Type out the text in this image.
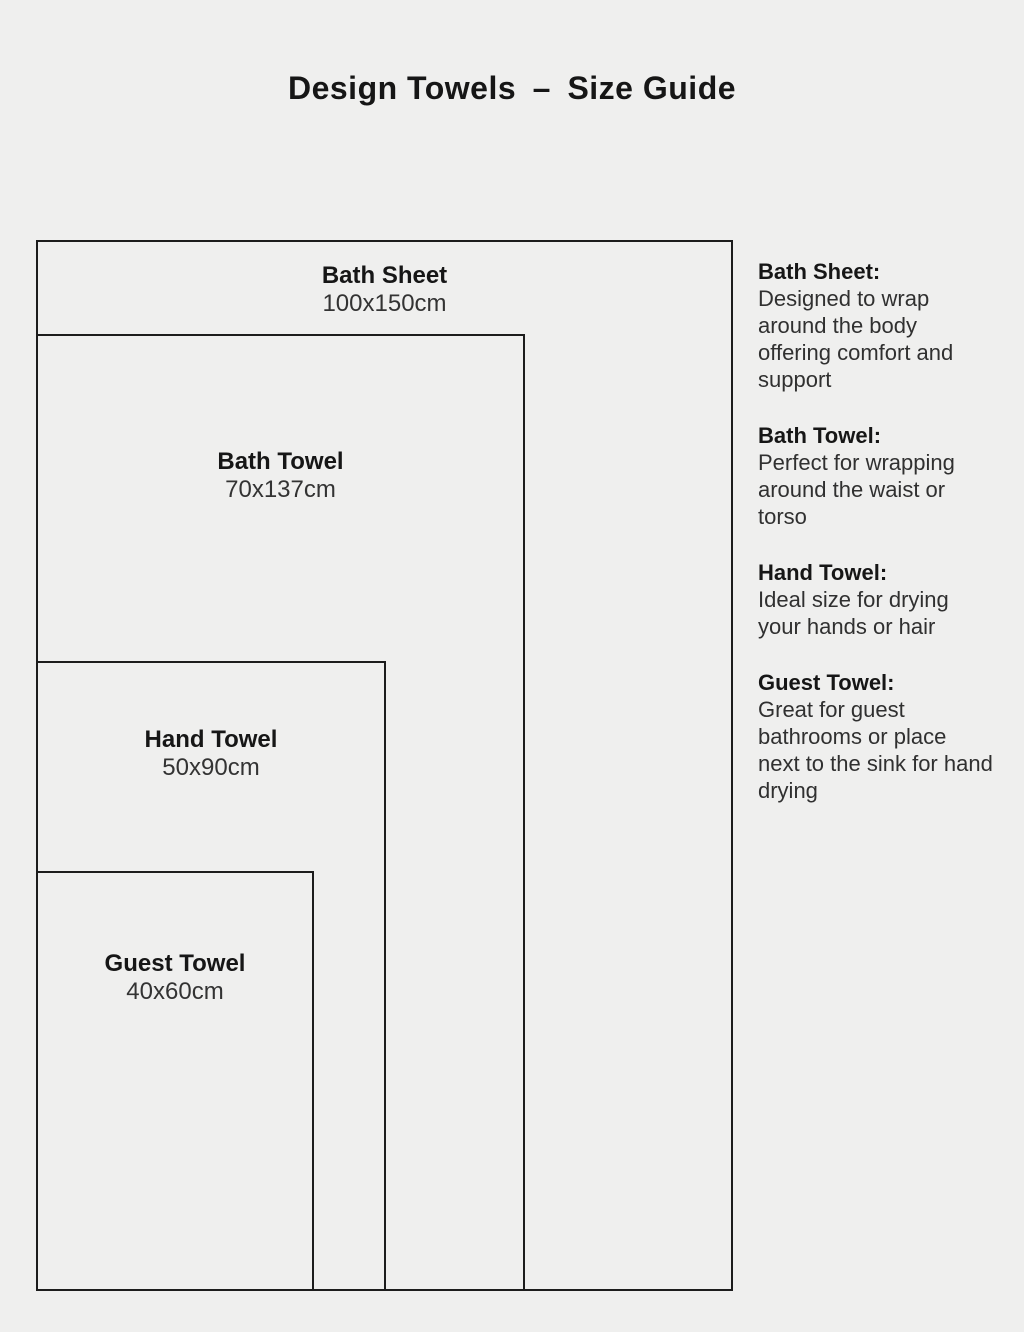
Design Towels – Size Guide
Bath Sheet
100x150cm
Bath Towel
70x137cm
Hand Towel
50x90cm
Guest Towel
40x60cm
Bath Sheet:
Designed to wrap around the body offering comfort and support
Bath Towel:
Perfect for wrapping around the waist or torso
Hand Towel:
Ideal size for drying your hands or hair
Guest Towel:
Great for guest bathrooms or place next to the sink for hand drying
